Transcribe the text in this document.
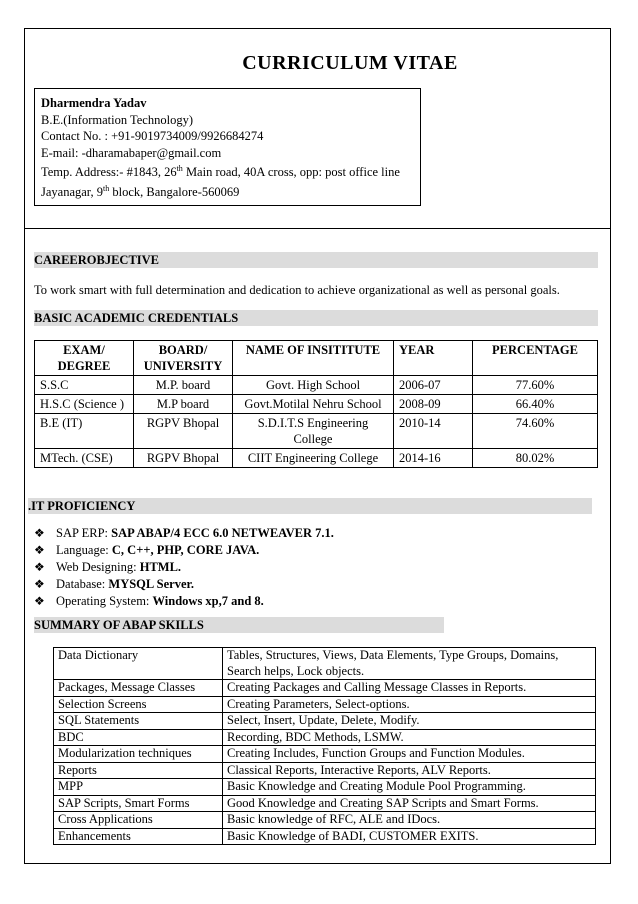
CURRICULUM VITAE
Dharmendra Yadav
B.E.(Information Technology)
Contact No. : +91-9019734009/9926684274
E-mail: -dharamabaper@gmail.com
Temp. Address:- #1843, 26th Main road, 40A cross, opp: post office line
Jayanagar, 9th block, Bangalore-560069
CAREEROBJECTIVE
To work smart with full determination and dedication to achieve organizational as well as personal goals.
BASIC ACADEMIC CREDENTIALS
EXAM/ DEGREE	BOARD/ UNIVERSITY	NAME OF INSITITUTE	YEAR	PERCENTAGE
S.S.C	M.P. board	Govt. High School	2006-07	77.60%
H.S.C (Science )	M.P board	Govt.Motilal Nehru School	2008-09	66.40%
B.E (IT)	RGPV Bhopal	S.D.I.T.S Engineering College	2010-14	74.60%
MTech. (CSE)	RGPV Bhopal	CIIT Engineering College	2014-16	80.02%
.IT PROFICIENCY
❖ SAP ERP: SAP ABAP/4 ECC 6.0 NETWEAVER 7.1.
❖ Language: C, C++, PHP, CORE JAVA.
❖ Web Designing: HTML.
❖ Database: MYSQL Server.
❖ Operating System: Windows xp,7 and 8.
SUMMARY OF ABAP SKILLS
Data Dictionary	Tables, Structures, Views, Data Elements, Type Groups, Domains, Search helps, Lock objects.
Packages, Message Classes	Creating Packages and Calling Message Classes in Reports.
Selection Screens	Creating Parameters, Select-options.
SQL Statements	Select, Insert, Update, Delete, Modify.
BDC	Recording, BDC Methods, LSMW.
Modularization techniques	Creating Includes, Function Groups and Function Modules.
Reports	Classical Reports, Interactive Reports, ALV Reports.
MPP	Basic Knowledge and Creating Module Pool Programming.
SAP Scripts, Smart Forms	Good Knowledge and Creating SAP Scripts and Smart Forms.
Cross Applications	Basic knowledge of RFC, ALE and IDocs.
Enhancements	Basic Knowledge of BADI, CUSTOMER EXITS.
